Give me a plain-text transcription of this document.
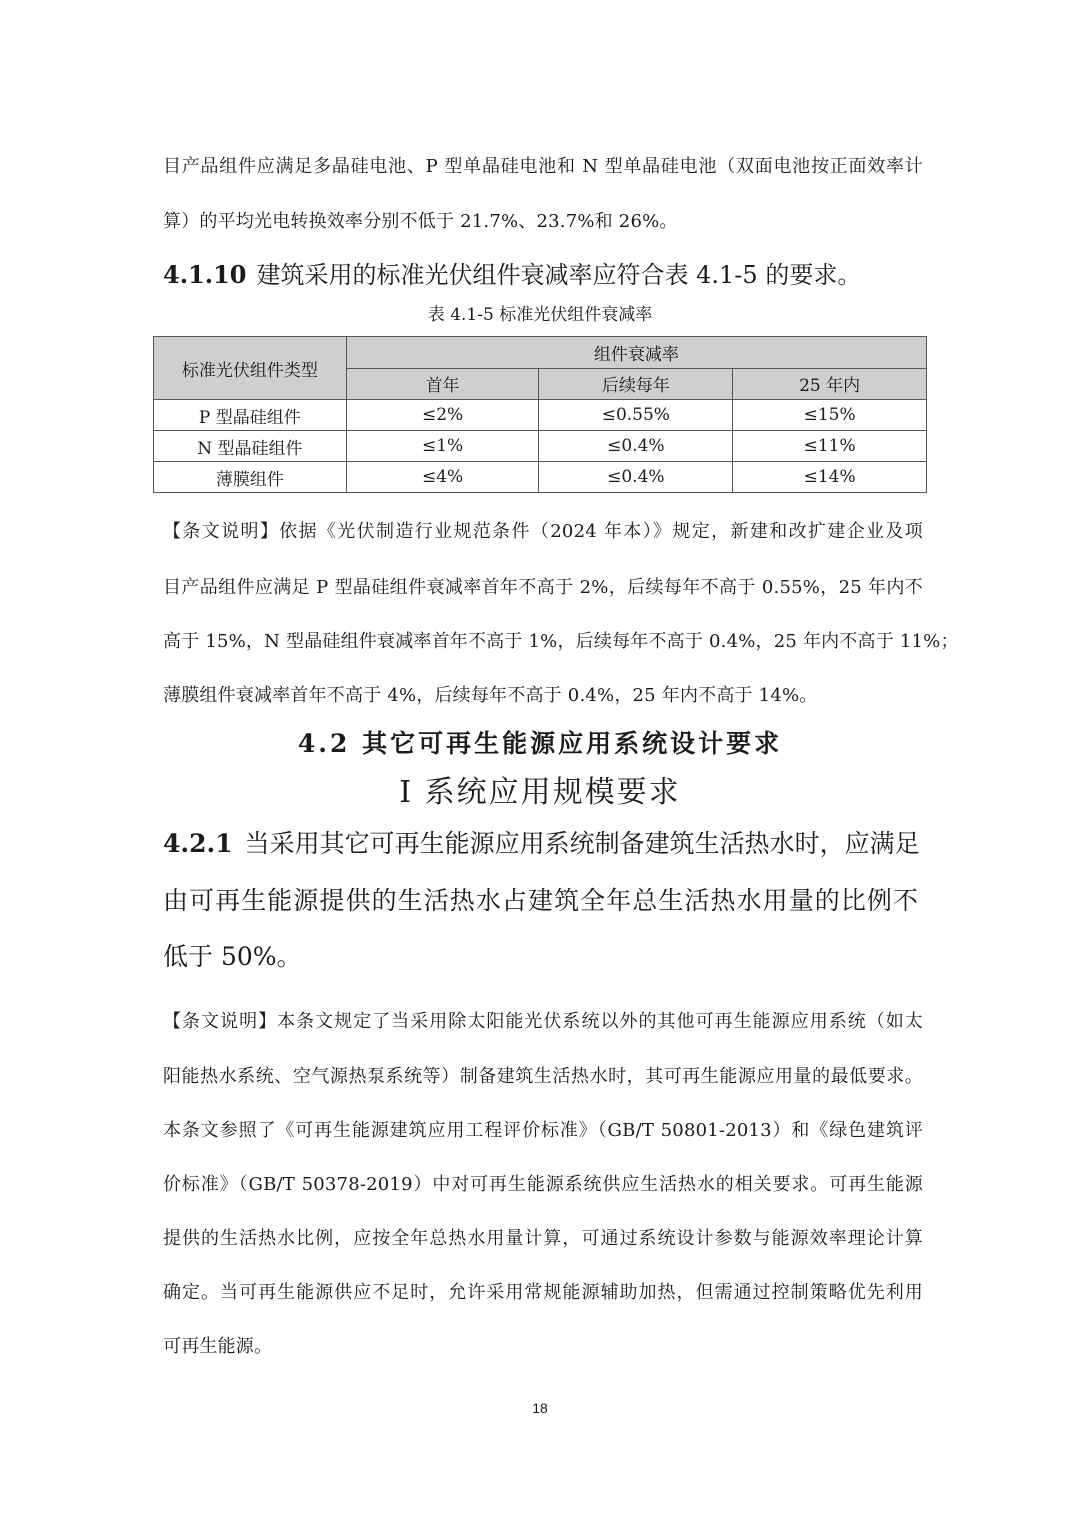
目产品组件应满足多晶硅电池、P 型单晶硅电池和 N 型单晶硅电池（双面电池按正面效率计
算）的平均光电转换效率分别不低于 21.7%、23.7%和 26%。
4.1.10 建筑采用的标准光伏组件衰减率应符合表 4.1-5 的要求。
表 4.1-5 标准光伏组件衰减率
标准光伏组件类型	组件衰减率		
	首年	后续每年	25 年内
P 型晶硅组件	≤2%	≤0.55%	≤15%
N 型晶硅组件	≤1%	≤0.4%	≤11%
薄膜组件	≤4%	≤0.4%	≤14%
【条文说明】依据《光伏制造行业规范条件（2024 年本）》规定，新建和改扩建企业及项
目产品组件应满足 P 型晶硅组件衰减率首年不高于 2%，后续每年不高于 0.55%，25 年内不
高于 15%，N 型晶硅组件衰减率首年不高于 1%，后续每年不高于 0.4%，25 年内不高于 11%；
薄膜组件衰减率首年不高于 4%，后续每年不高于 0.4%，25 年内不高于 14%。
4.2 其它可再生能源应用系统设计要求
Ⅰ 系统应用规模要求
4.2.1 当采用其它可再生能源应用系统制备建筑生活热水时，应满足
由可再生能源提供的生活热水占建筑全年总生活热水用量的比例不
低于 50%。
【条文说明】本条文规定了当采用除太阳能光伏系统以外的其他可再生能源应用系统（如太
阳能热水系统、空气源热泵系统等）制备建筑生活热水时，其可再生能源应用量的最低要求。
本条文参照了《可再生能源建筑应用工程评价标准》（GB/T 50801-2013）和《绿色建筑评
价标准》（GB/T 50378-2019）中对可再生能源系统供应生活热水的相关要求。可再生能源
提供的生活热水比例，应按全年总热水用量计算，可通过系统设计参数与能源效率理论计算
确定。当可再生能源供应不足时，允许采用常规能源辅助加热，但需通过控制策略优先利用
可再生能源。
18
